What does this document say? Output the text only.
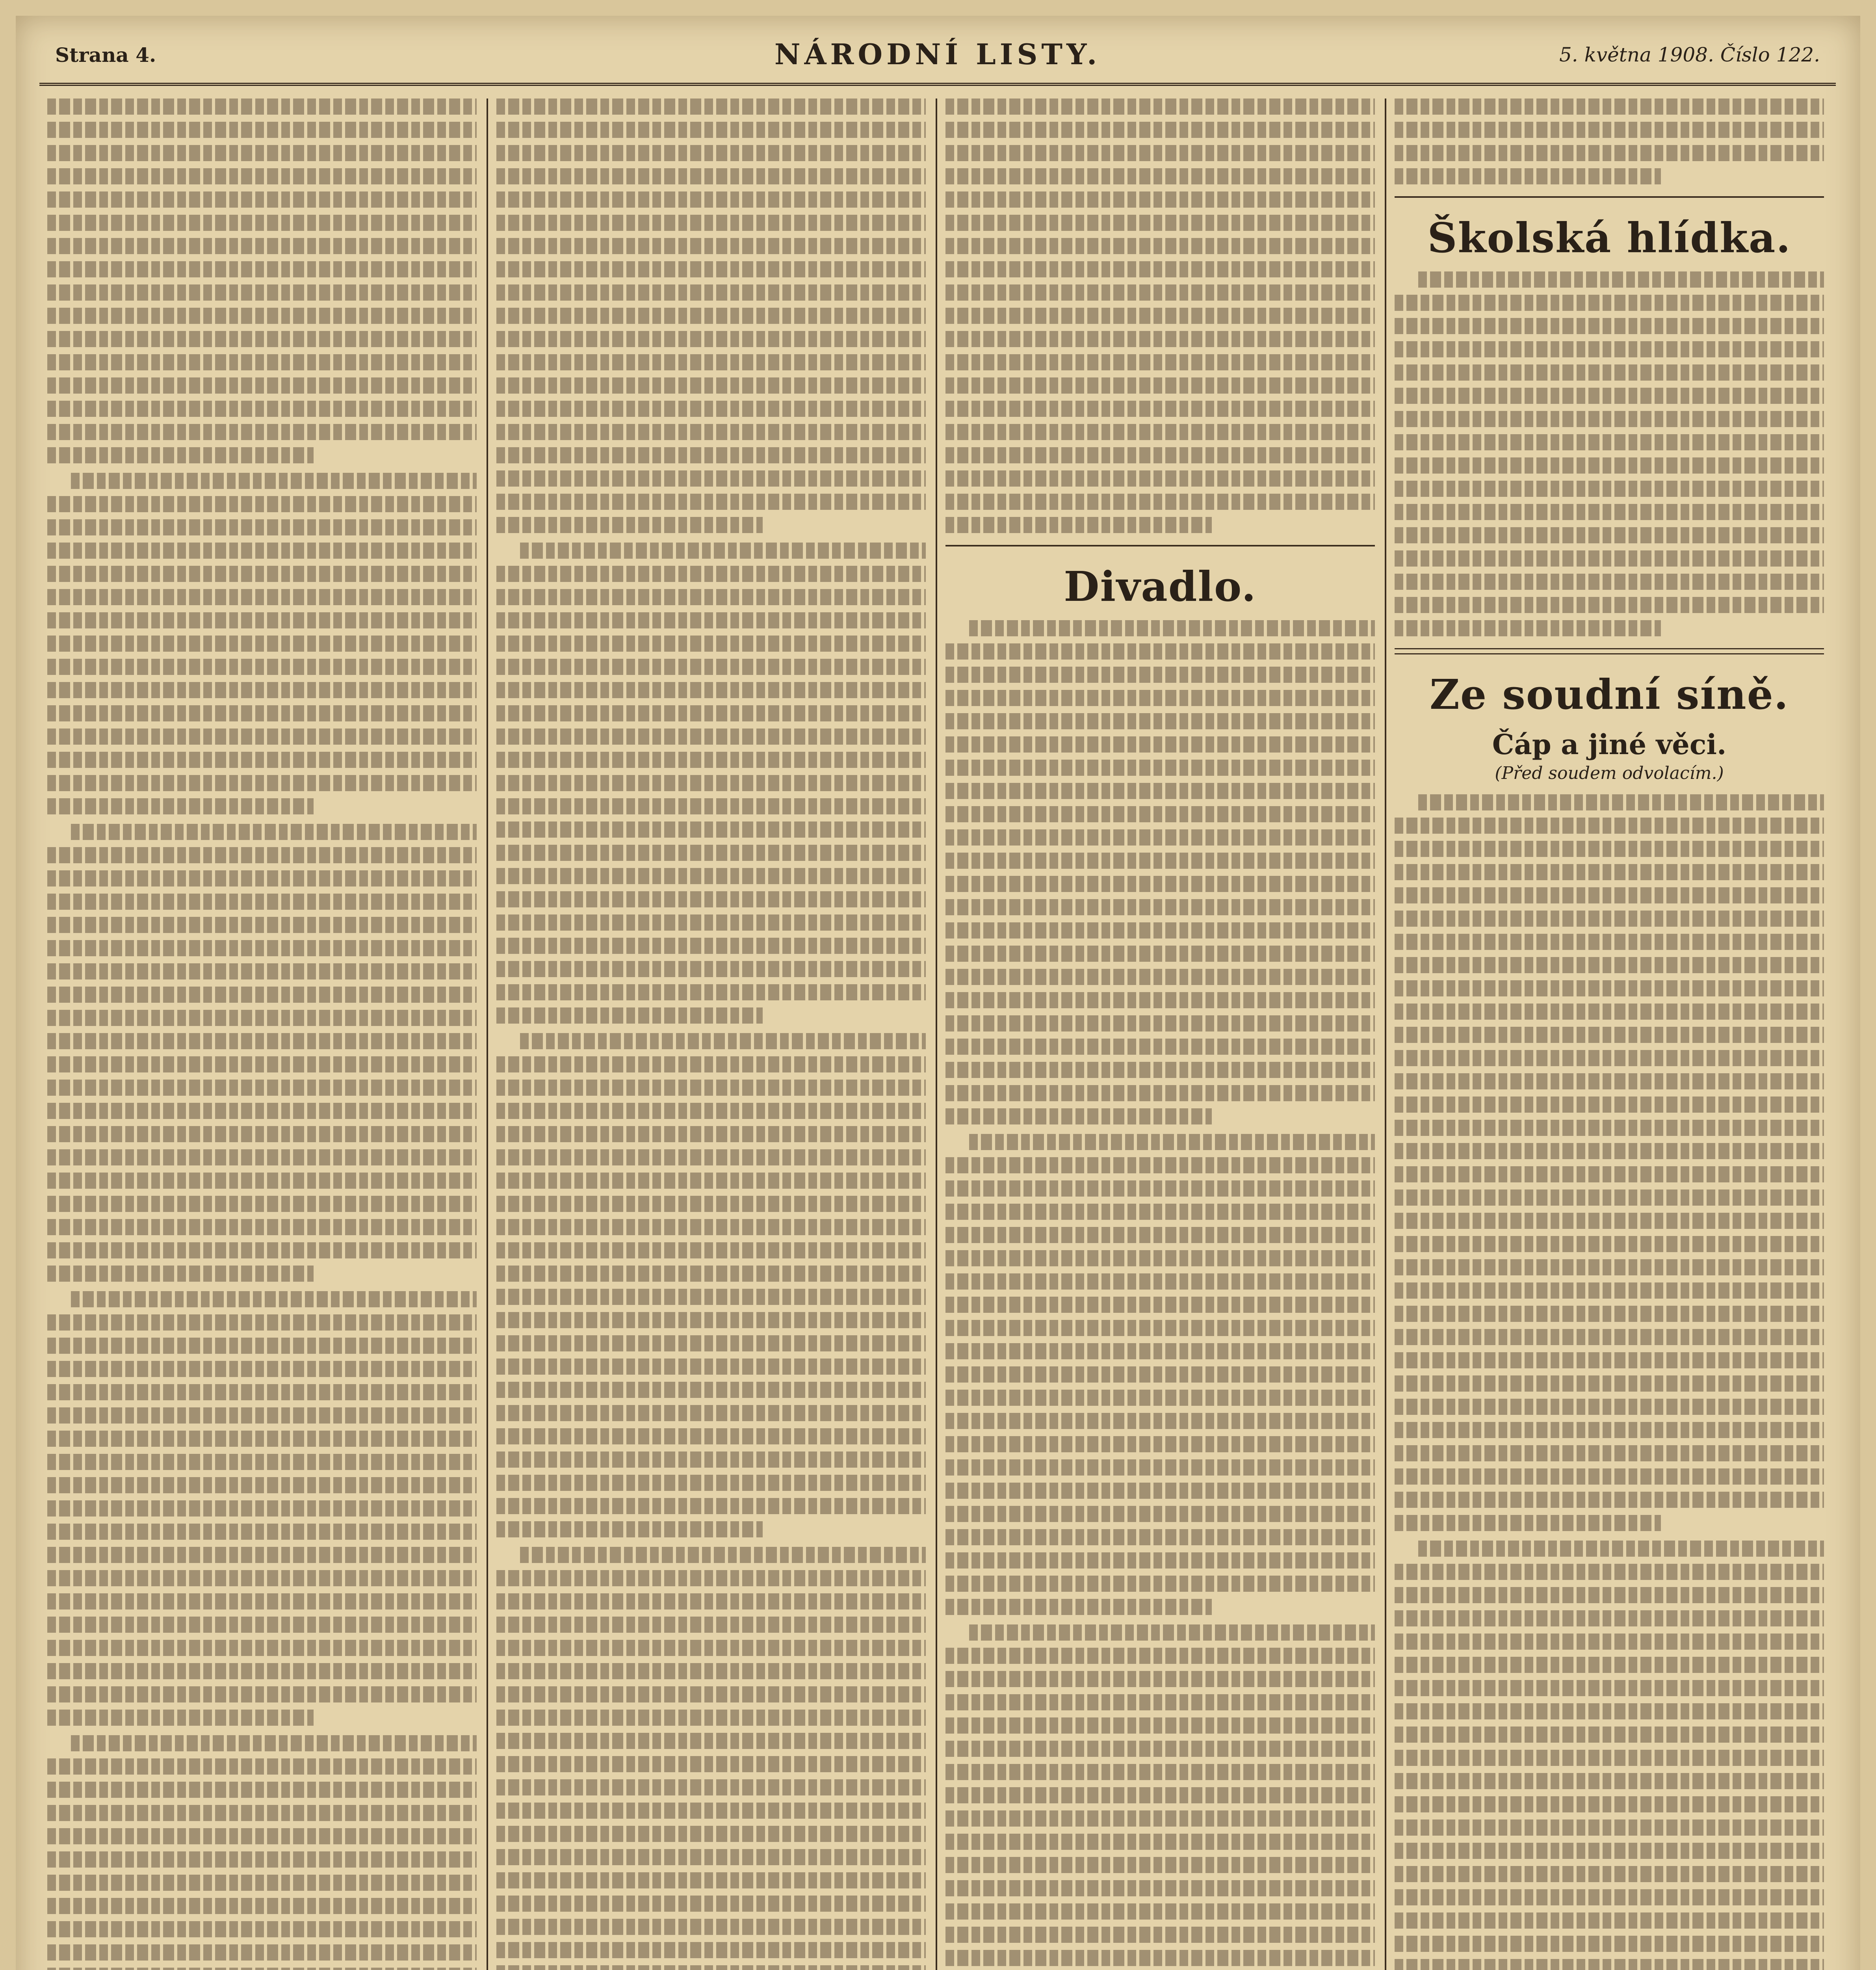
Strana 4.	NÁRODNÍ LISTY.	5. května 1908. Číslo 122.
Divadlo.
Školská hlídka.
Ze soudní síně.
Čáp a jiné věci.
(Před soudem odvolacím.)
